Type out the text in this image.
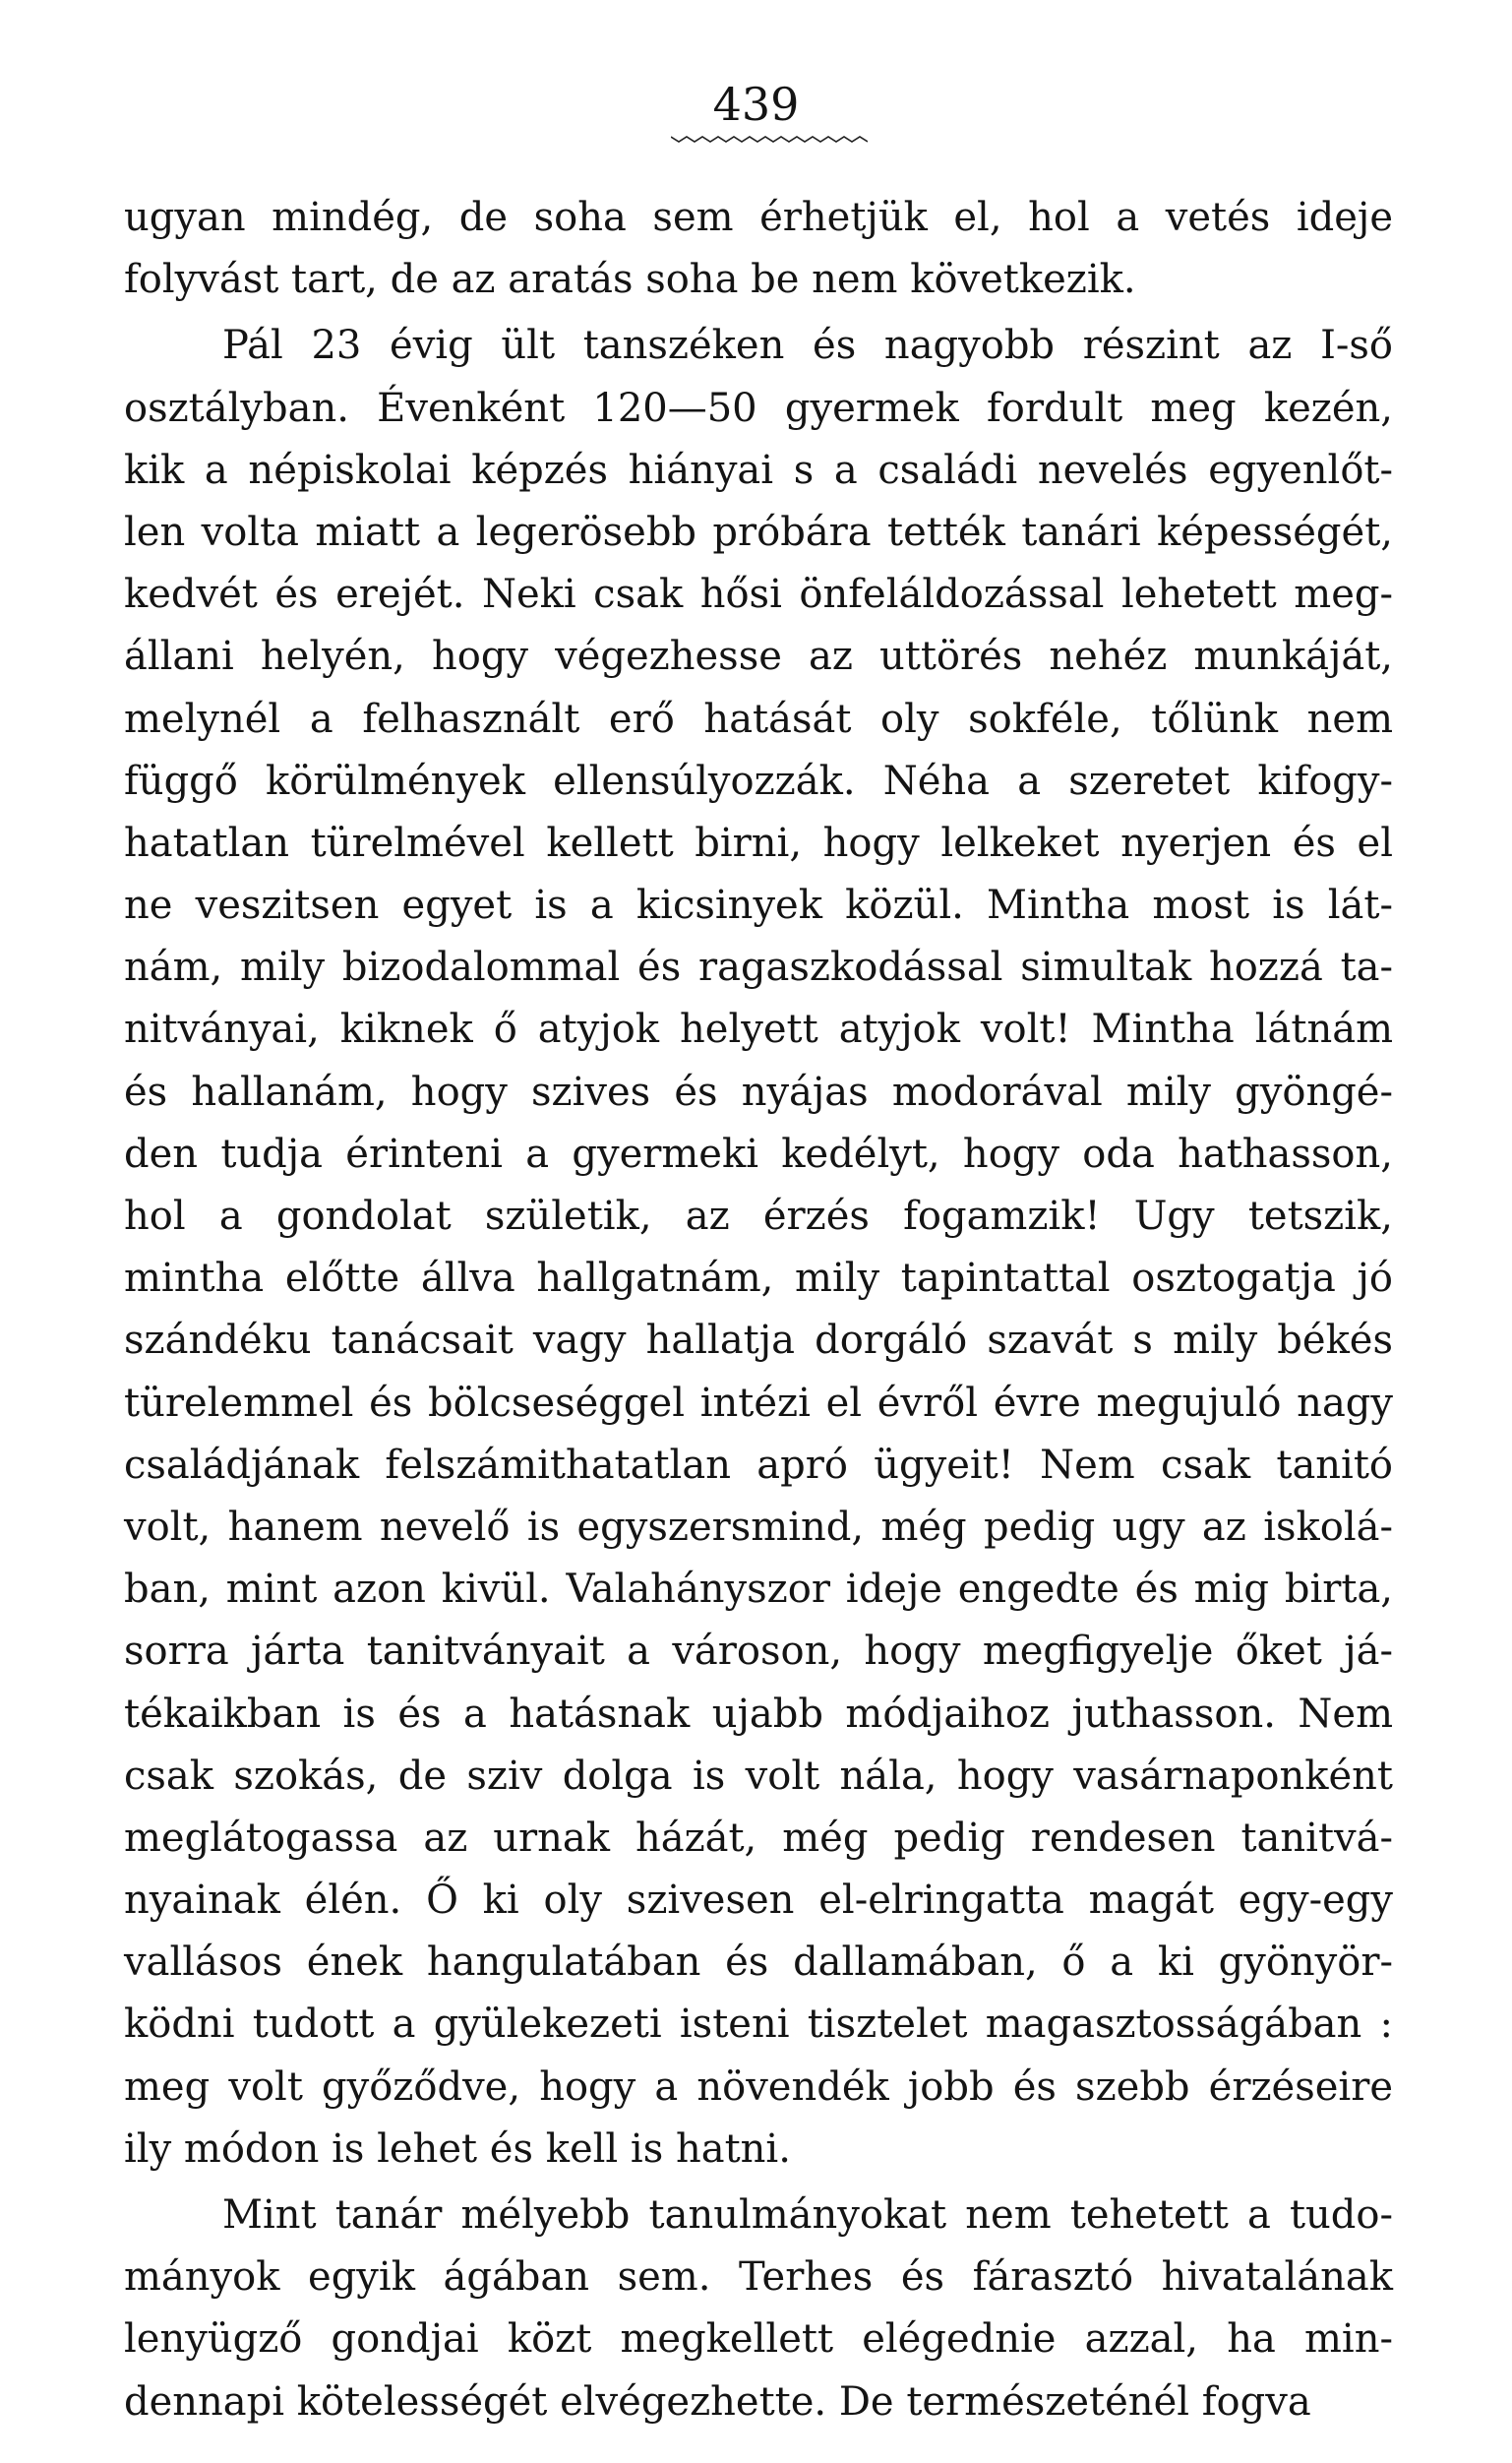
439
ugyan mindég, de soha sem érhetjük el, hol a vetés ideje
folyvást tart, de az aratás soha be nem következik.
Pál 23 évig ült tanszéken és nagyobb részint az I-ső
osztályban. Évenként 120—50 gyermek fordult meg kezén,
kik a népiskolai képzés hiányai s a családi nevelés egyenlőt-
len volta miatt a legerösebb próbára tették tanári képességét,
kedvét és erejét. Neki csak hősi önfeláldozással lehetett meg-
állani helyén, hogy végezhesse az uttörés nehéz munkáját,
melynél a felhasznált erő hatását oly sokféle, tőlünk nem
függő körülmények ellensúlyozzák. Néha a szeretet kifogy-
hatatlan türelmével kellett birni, hogy lelkeket nyerjen és el
ne veszitsen egyet is a kicsinyek közül. Mintha most is lát-
nám, mily bizodalommal és ragaszkodással simultak hozzá ta-
nitványai, kiknek ő atyjok helyett atyjok volt! Mintha látnám
és hallanám, hogy szives és nyájas modorával mily gyöngé-
den tudja érinteni a gyermeki kedélyt, hogy oda hathasson,
hol a gondolat születik, az érzés fogamzik! Ugy tetszik,
mintha előtte állva hallgatnám, mily tapintattal osztogatja jó
szándéku tanácsait vagy hallatja dorgáló szavát s mily békés
türelemmel és bölcseséggel intézi el évről évre megujuló nagy
családjának felszámithatatlan apró ügyeit! Nem csak tanitó
volt, hanem nevelő is egyszersmind, még pedig ugy az iskolá-
ban, mint azon kivül. Valahányszor ideje engedte és mig birta,
sorra járta tanitványait a városon, hogy megfigyelje őket já-
tékaikban is és a hatásnak ujabb módjaihoz juthasson. Nem
csak szokás, de sziv dolga is volt nála, hogy vasárnaponként
meglátogassa az urnak házát, még pedig rendesen tanitvá-
nyainak élén. Ő ki oly szivesen el-elringatta magát egy-egy
vallásos ének hangulatában és dallamában, ő a ki gyönyör-
ködni tudott a gyülekezeti isteni tisztelet magasztosságában :
meg volt győződve, hogy a növendék jobb és szebb érzéseire
ily módon is lehet és kell is hatni.
Mint tanár mélyebb tanulmányokat nem tehetett a tudo-
mányok egyik ágában sem. Terhes és fárasztó hivatalának
lenyügző gondjai közt megkellett elégednie azzal, ha min-
dennapi kötelességét elvégezhette. De természeténél fogva
